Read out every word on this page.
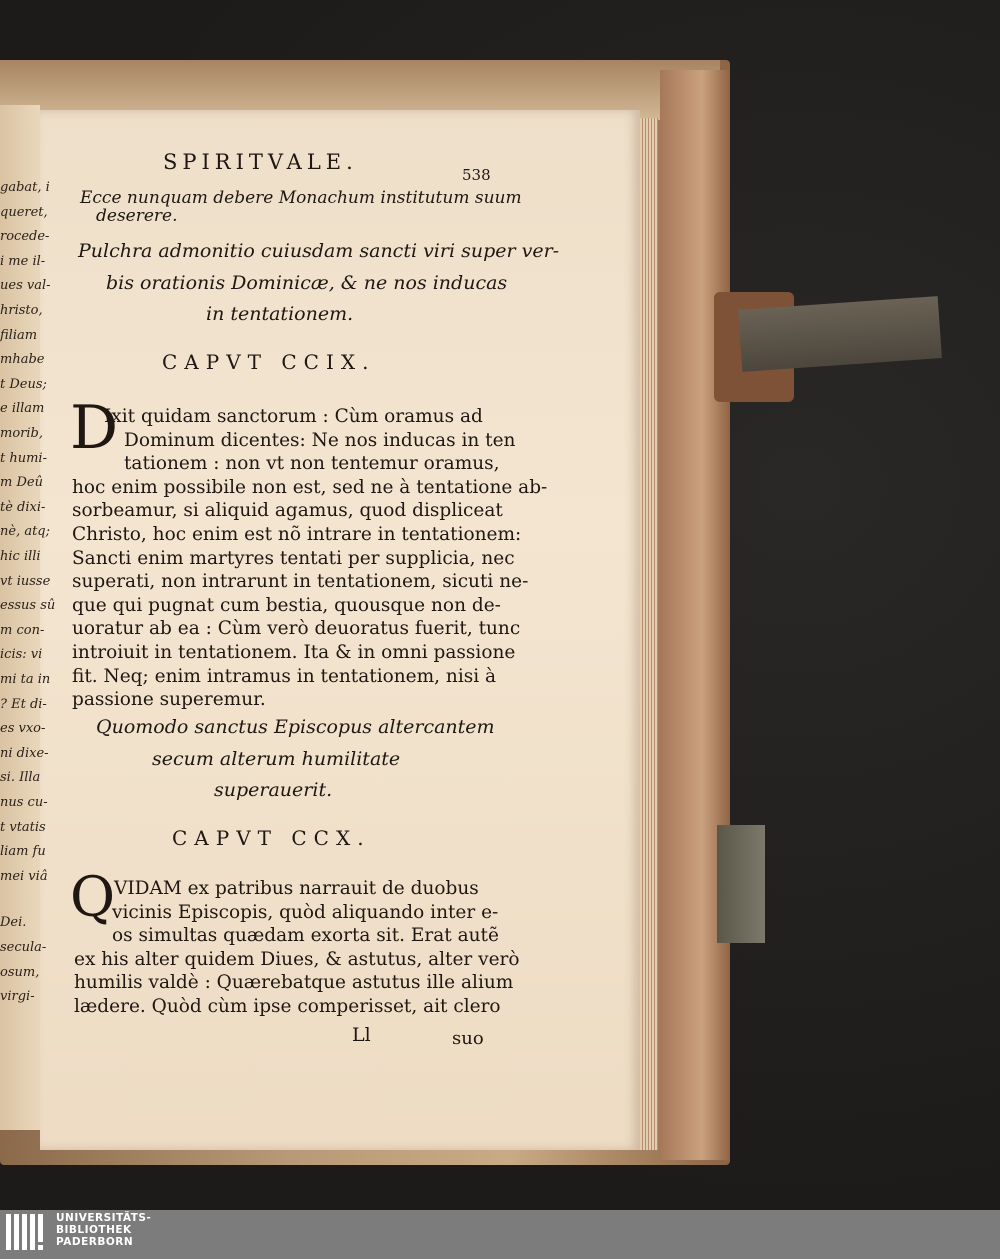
gabat, i
queret,
rocede-
i me il-
ues val-
hristo,
filiam
mhabe
t Deus;
e illam
morib,
t humi-
m Deû
tè dixi-
nè, atq;
hic illi
vt iusse
essus sû
m con-
icis: vi
mi ta in
? Et di-
es vxo-
ni dixe-
si. Illa
nus cu-
t vtatis
liam fu
mei viâ
Dei.
secula-
osum,
virgi-
SPIRITVALE.
538
Ecce nunquam debere Monachum institutum suum
deserere.
Pulchra admonitio cuiusdam sancti viri super ver-
bis orationis Dominicæ, & ne nos inducas
in tentationem.
CAPVT CCIX.
D
Ixit quidam sanctorum : Cùm oramus ad
Dominum dicentes: Ne nos inducas in ten
tationem : non vt non tentemur oramus,
hoc enim possibile non est, sed ne à tentatione ab-
sorbeamur, si aliquid agamus, quod displiceat
Christo, hoc enim est nõ intrare in tentationem:
Sancti enim martyres tentati per supplicia, nec
superati, non intrarunt in tentationem, sicuti ne-
que qui pugnat cum bestia, quousque non de-
uoratur ab ea : Cùm verò deuoratus fuerit, tunc
introiuit in tentationem. Ita & in omni passione
fit. Neq; enim intramus in tentationem, nisi à
passione superemur.
Quomodo sanctus Episcopus altercantem
secum alterum humilitate
superauerit.
CAPVT CCX.
Q
VIDAM ex patribus narrauit de duobus
vicinis Episcopis, quòd aliquando inter e-
os simultas quædam exorta sit. Erat autẽ
ex his alter quidem Diues, & astutus, alter verò
humilis valdè : Quærebatque astutus ille alium
lædere. Quòd cùm ipse comperisset, ait clero
Ll	suo
UNIVERSITÄTS-
BIBLIOTHEK
PADERBORN
